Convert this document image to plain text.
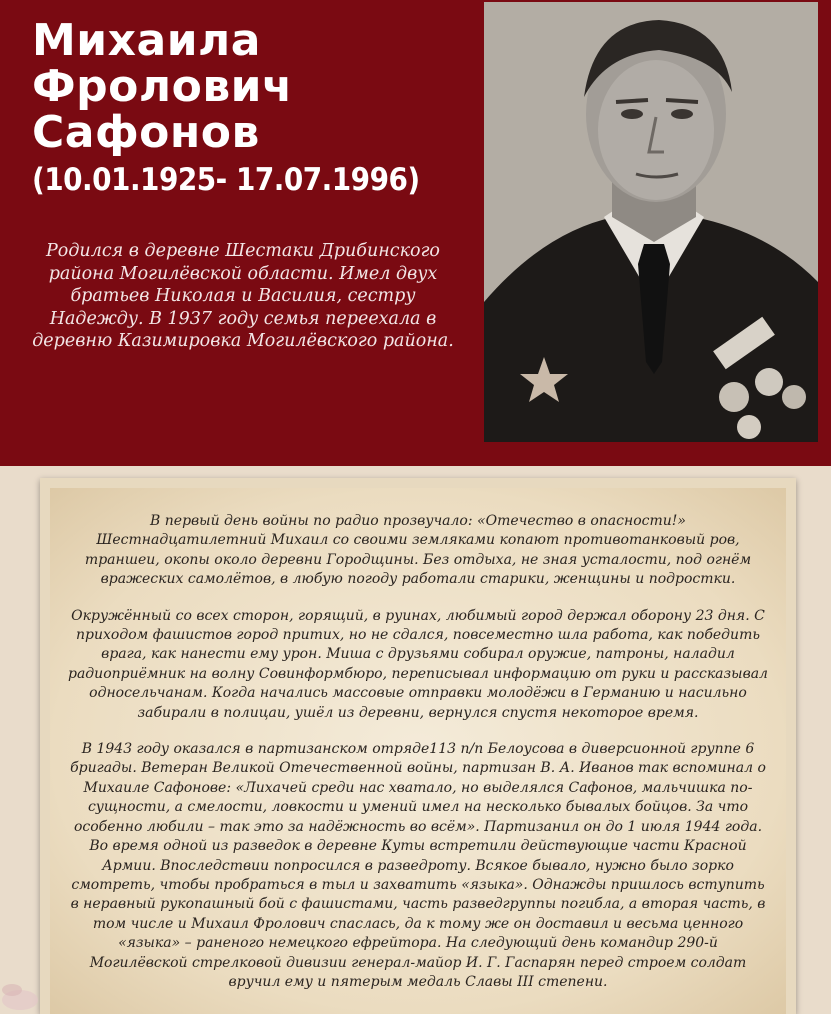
Михаила
Фролович
Сафонов
(10.01.1925- 17.07.1996)
Родился в деревне Шестаки Дрибинского района Могилёвской области. Имел двух братьев Николая и Василия, сестру Надежду. В 1937 году семья переехала в деревню Казимировка Могилёвского района.

В первый день войны по радио прозвучало: «Отечество в опасности!» Шестнадцатилетний Михаил со своими земляками копают противотанковый ров, траншеи, окопы около деревни Городщины. Без отдыха, не зная усталости, под огнём вражеских самолётов, в любую погоду работали старики, женщины и подростки.

Окружённый со всех сторон, горящий, в руинах, любимый город держал оборону 23 дня. С приходом фашистов город притих, но не сдался, повсеместно шла работа, как победить врага, как нанести ему урон. Миша с друзьями собирал оружие, патроны, наладил радиоприёмник на волну Совинформбюро, переписывал информацию от руки и рассказывал односельчанам. Когда начались массовые отправки молодёжи в Германию и насильно забирали в полицаи, ушёл из деревни, вернулся спустя некоторое время.

В 1943 году оказался в партизанском отряде113 п/п Белоусова в диверсионной группе 6 бригады. Ветеран Великой Отечественной войны, партизан В. А. Иванов так вспоминал о Михаиле Сафонове: «Лихачей среди нас хватало, но выделялся Сафонов, мальчишка по-сущности, а смелости, ловкости и умений имел на несколько бывалых бойцов. За что особенно любили – так это за надёжность во всём». Партизанил он до 1 июля 1944 года. Во время одной из разведок в деревне Куты встретили действующие части Красной Армии. Впоследствии попросился в разведроту. Всякое бывало, нужно было зорко смотреть, чтобы пробраться в тыл и захватить «языка». Однажды пришлось вступить в неравный рукопашный бой с фашистами, часть разведгруппы погибла, а вторая часть, в том числе и Михаил Фролович спаслась, да к тому же он доставил и весьма ценного «языка» – раненого немецкого ефрейтора. На следующий день командир 290-й Могилёвской стрелковой дивизии генерал-майор И. Г. Гаспарян перед строем солдат вручил ему и пятерым медаль Славы III степени.
